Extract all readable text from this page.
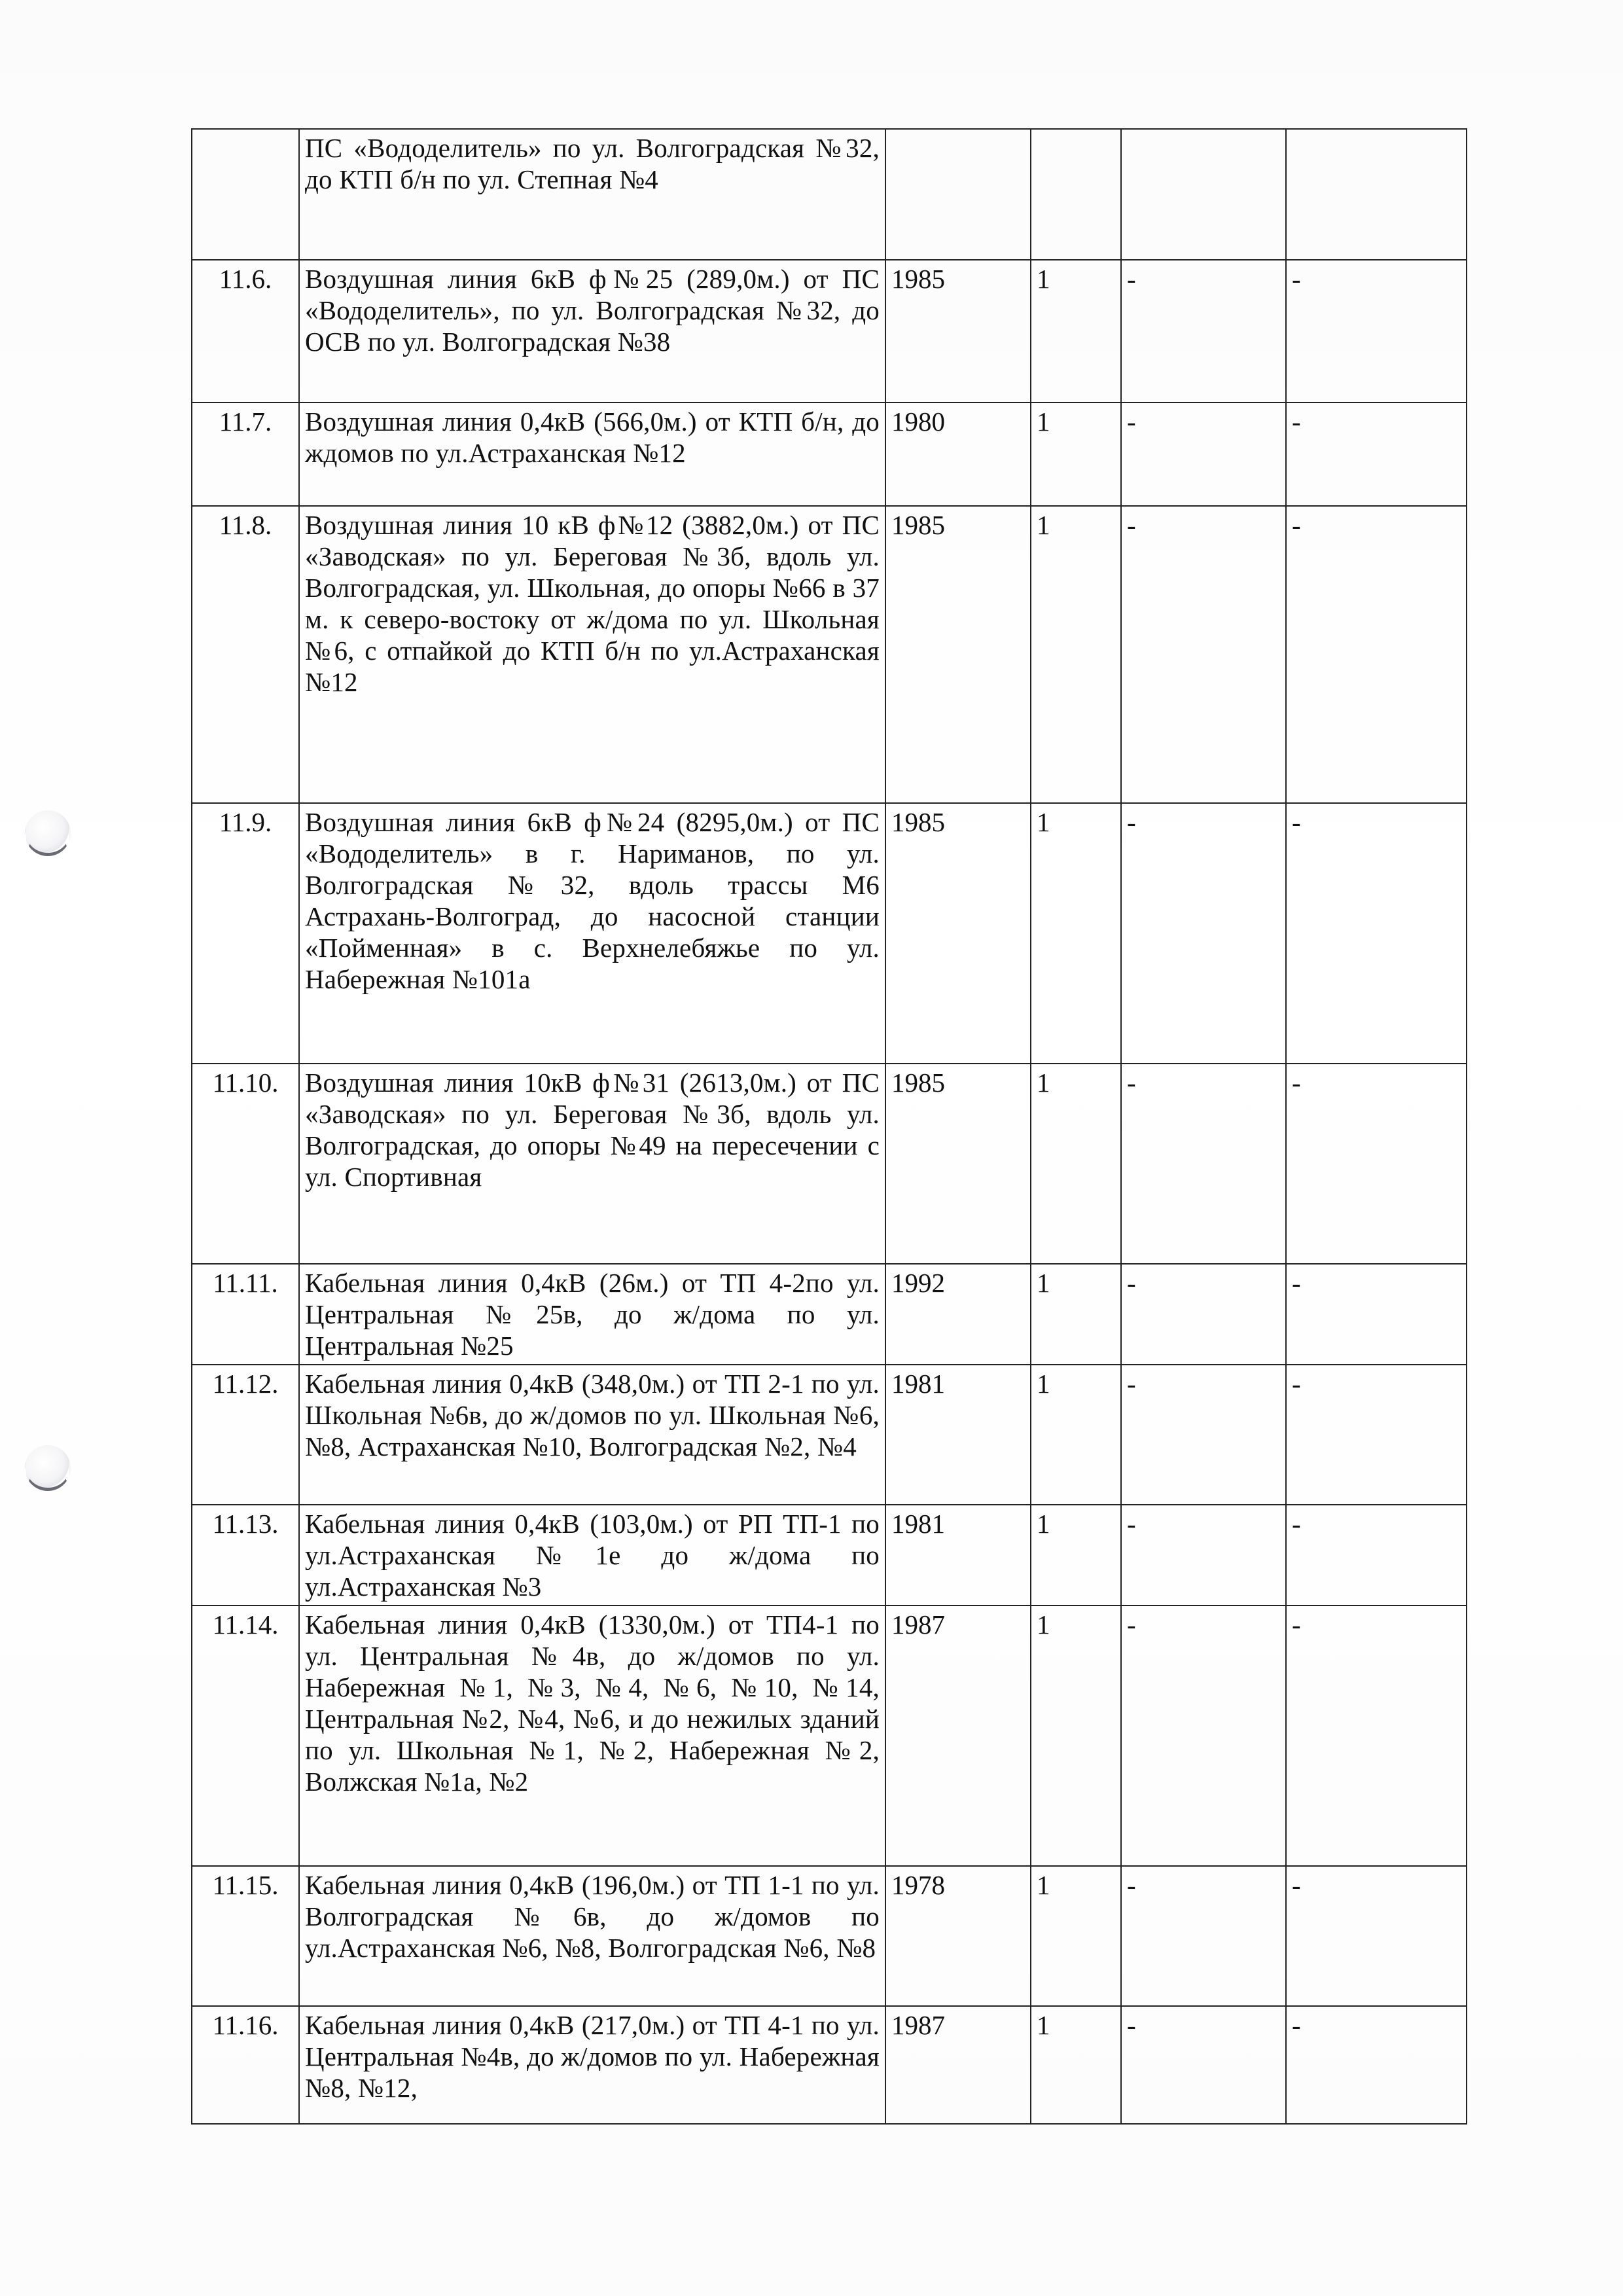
	ПС «Вододелитель» по ул. Волгоградская №32, до КТП б/н по ул. Степная №4				
11.6.	Воздушная линия 6кВ ф№25 (289,0м.) от ПС «Вододелитель», по ул. Волгоградская №32, до ОСВ по ул. Волгоградская №38	1985	1	-	-
11.7.	Воздушная линия 0,4кВ (566,0м.) от КТП б/н, до ждомов по ул.Астраханская №12	1980	1	-	-
11.8.	Воздушная линия 10 кВ ф№12 (3882,0м.) от ПС «Заводская» по ул. Береговая №3б, вдоль ул. Волгоградская, ул. Школьная, до опоры №66 в 37 м. к северо-востоку от ж/дома по ул. Школьная №6, с отпайкой до КТП б/н по ул.Астраханская №12	1985	1	-	-
11.9.	Воздушная линия 6кВ ф№24 (8295,0м.) от ПС «Вододелитель» в г. Нариманов, по ул. Волгоградская №32, вдоль трассы М6 Астрахань-Волгоград, до насосной станции «Пойменная» в с. Верхнелебяжье по ул. Набережная №101а	1985	1	-	-
11.10.	Воздушная линия 10кВ ф№31 (2613,0м.) от ПС «Заводская» по ул. Береговая №3б, вдоль ул. Волгоградская, до опоры №49 на пересечении с ул. Спортивная	1985	1	-	-
11.11.	Кабельная линия 0,4кВ (26м.) от ТП 4-2по ул. Центральная №25в, до ж/дома по ул. Центральная №25	1992	1	-	-
11.12.	Кабельная линия 0,4кВ (348,0м.) от ТП 2-1 по ул. Школьная №6в, до ж/домов по ул. Школьная №6, №8, Астраханская №10, Волгоградская №2, №4	1981	1	-	-
11.13.	Кабельная линия 0,4кВ (103,0м.) от РП ТП-1 по ул.Астраханская №1е до ж/дома по ул.Астраханская №3	1981	1	-	-
11.14.	Кабельная линия 0,4кВ (1330,0м.) от ТП4-1 по ул. Центральная №4в, до ж/домов по ул. Набережная №1, №3, №4, №6, №10, №14, Центральная №2, №4, №6, и до нежилых зданий по ул. Школьная №1, №2, Набережная №2, Волжская №1а, №2	1987	1	-	-
11.15.	Кабельная линия 0,4кВ (196,0м.) от ТП 1-1 по ул. Волгоградская №6в, до ж/домов по ул.Астраханская №6, №8, Волгоградская №6, №8	1978	1	-	-
11.16.	Кабельная линия 0,4кВ (217,0м.) от ТП 4-1 по ул. Центральная №4в, до ж/домов по ул. Набережная №8, №12,	1987	1	-	-
